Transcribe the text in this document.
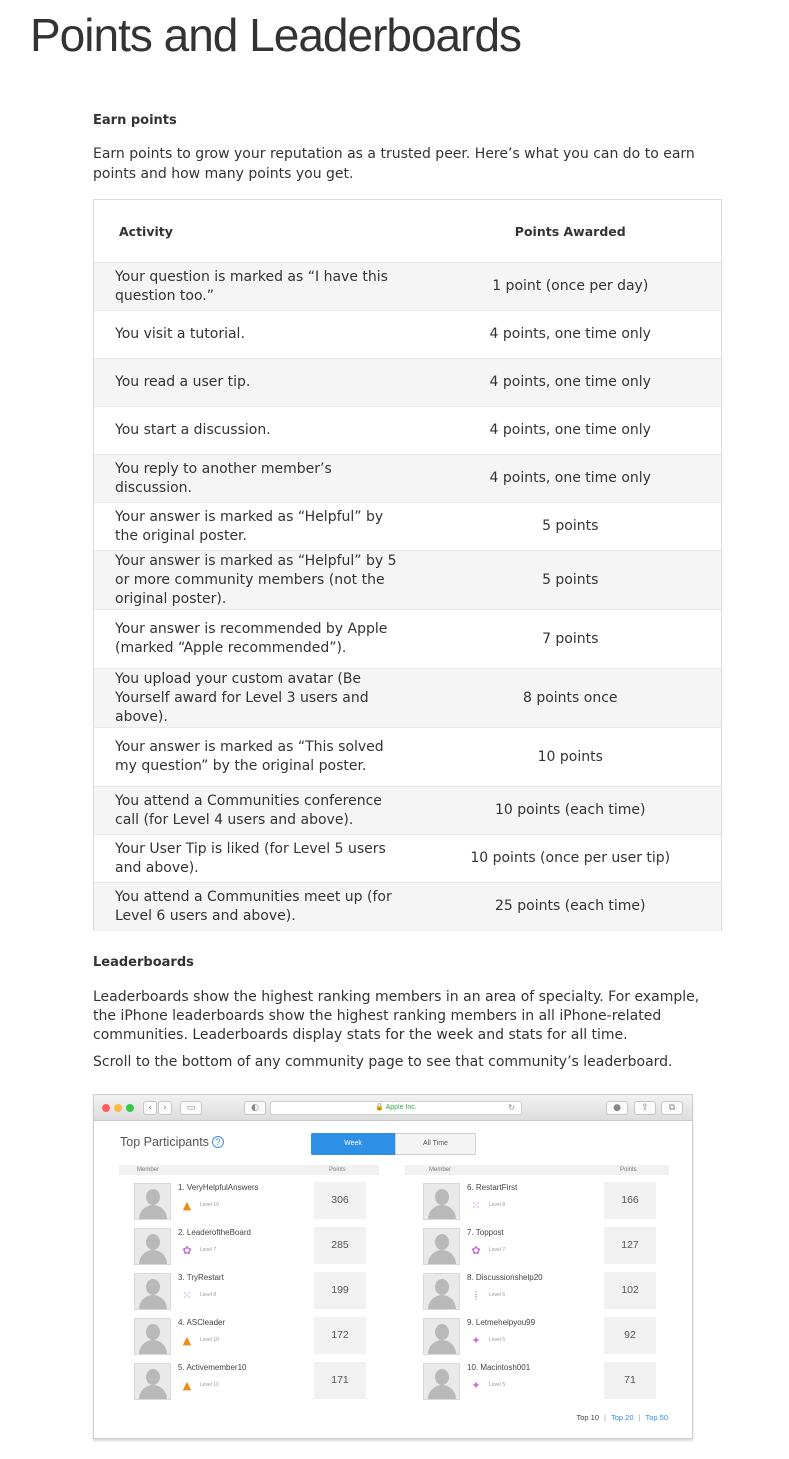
Points and Leaderboards
Earn points

Earn points to grow your reputation as a trusted peer. Here’s what you can do to earn points and how many points you get.

Activity	Points Awarded
Your question is marked as “I have this question too.”	1 point (once per day)
You visit a tutorial.	4 points, one time only
You read a user tip.	4 points, one time only
You start a discussion.	4 points, one time only
You reply to another member’s discussion.	4 points, one time only
Your answer is marked as “Helpful” by the original poster.	5 points
Your answer is marked as “Helpful” by 5 or more community members (not the original poster).	5 points
Your answer is recommended by Apple (marked “Apple recommended”).	7 points
You upload your custom avatar (Be Yourself award for Level 3 users and above).	8 points once
Your answer is marked as “This solved my question” by the original poster.	10 points
You attend a Communities conference call (for Level 4 users and above).	10 points (each time)
Your User Tip is liked (for Level 5 users and above).	10 points (once per user tip)
You attend a Communities meet up (for Level 6 users and above).	25 points (each time)
Leaderboards

Leaderboards show the highest ranking members in an area of specialty. For example, the iPhone leaderboards show the highest ranking members in all iPhone-related communities. Leaderboards display stats for the week and stats for all time.

Scroll to the bottom of any community page to see that community’s leaderboard.

‹	›	▭	◐	🔒 Apple Inc.	↻	●	⇪	⧉
Top Participants ?	Week	All Time
Member	Points	Member	Points
1. VeryHelpfulAnswers
▲	Level 10	306
2. LeaderoftheBoard
✿	Level 7	285
3. TryRestart
⁙	Level 8	199
4. ASCleader
▲	Level 10	172
5. Activemember10
▲	Level 10	171
6. RestartFirst
⁙	Level 8	166
7. Toppost
✿	Level 7	127
8. Discussionshelp20
⦙	Level 6	102
9. Letmehelpyou99
✦	Level 5	92
10. Macintosh001
✦	Level 5	71
Top 10 | Top 20 | Top 50
